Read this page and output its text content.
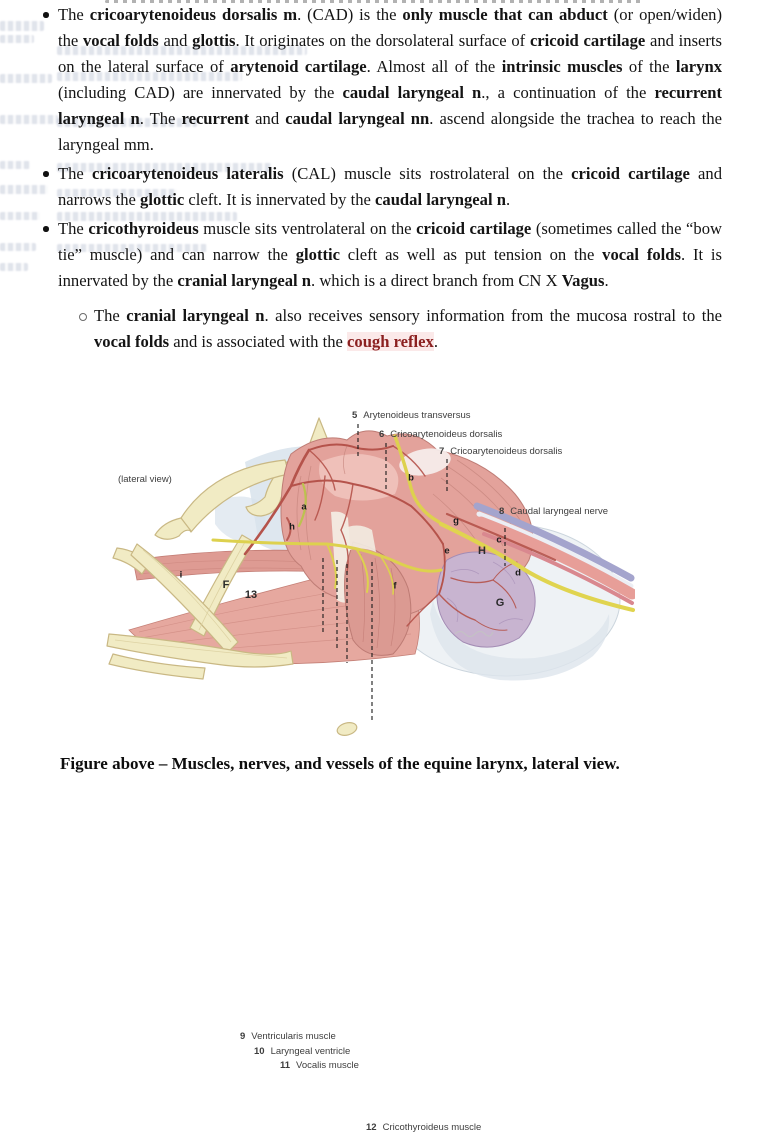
The cricoarytenoideus dorsalis m. (CAD) is the only muscle that can abduct (or open/widen) the vocal folds and glottis. It originates on the dorsolateral surface of cricoid cartilage and inserts on the lateral surface of arytenoid cartilage. Almost all of the intrinsic muscles of the larynx (including CAD) are innervated by the caudal laryngeal n., a continuation of the recurrent laryngeal n. The recurrent and caudal laryngeal nn. ascend alongside the trachea to reach the laryngeal mm.
The cricoarytenoideus lateralis (CAL) muscle sits rostrolateral on the cricoid cartilage and narrows the glottic cleft. It is innervated by the caudal laryngeal n.
The cricothyroideus muscle sits ventrolateral on the cricoid cartilage (sometimes called the “bow tie” muscle) and can narrow the glottic cleft as well as put tension on the vocal folds. It is innervated by the cranial laryngeal n. which is a direct branch from CN X Vagus.
The cranial laryngeal n. also receives sensory information from the mucosa rostral to the vocal folds and is associated with the cough reflex.
(lateral view)
5 Arytenoideus transversus
6 Cricoarytenoideus dorsalis
7 Cricoarytenoideus dorsalis
8 Caudal laryngeal nerve
9 Ventricularis muscle
10 Laryngeal ventricle
11 Vocalis muscle
12 Cricothyroideus muscle
a
h
b
g
c
e	H
d
G
f
i
F
13
Figure above – Muscles, nerves, and vessels of the equine larynx, lateral view.
